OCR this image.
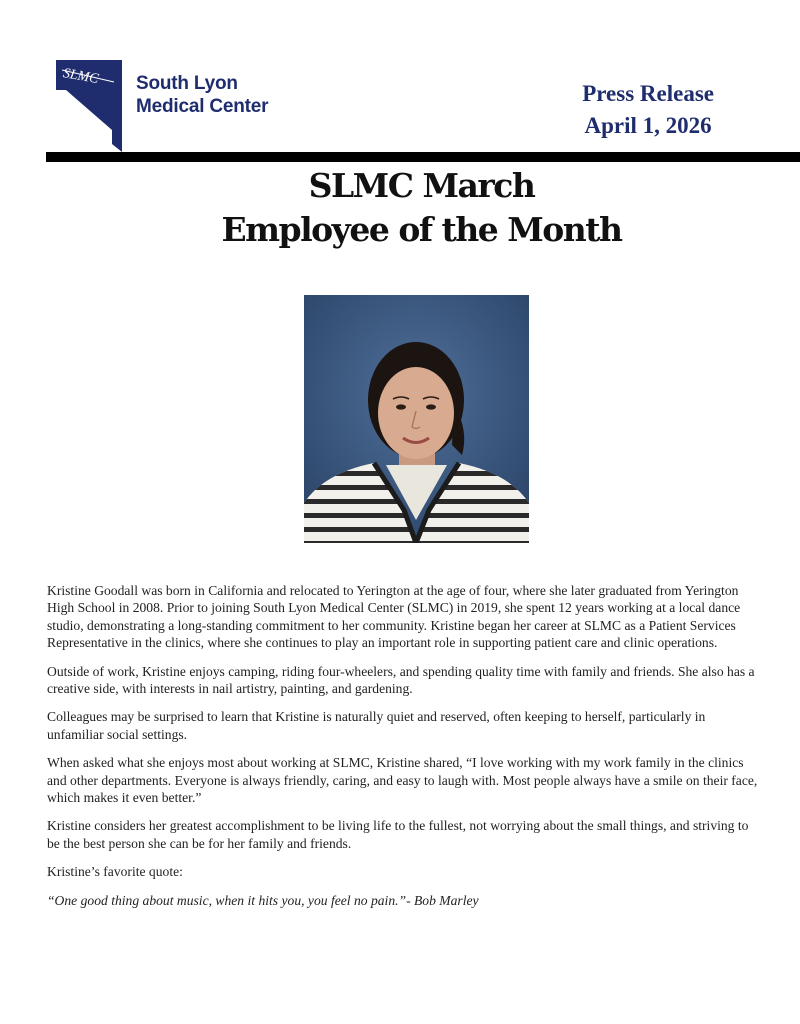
SLMC South Lyon
Medical Center
Press Release
April 1, 2026
SLMC March
Employee of the Month

Kristine Goodall was born in California and relocated to Yerington at the age of four, where she later graduated from Yerington High School in 2008. Prior to joining South Lyon Medical Center (SLMC) in 2019, she spent 12 years working at a local dance studio, demonstrating a long-standing commitment to her community. Kristine began her career at SLMC as a Patient Services Representative in the clinics, where she continues to play an important role in supporting patient care and clinic operations.

Outside of work, Kristine enjoys camping, riding four-wheelers, and spending quality time with family and friends. She also has a creative side, with interests in nail artistry, painting, and gardening.

Colleagues may be surprised to learn that Kristine is naturally quiet and reserved, often keeping to herself, particularly in unfamiliar social settings.

When asked what she enjoys most about working at SLMC, Kristine shared, “I love working with my work family in the clinics and other departments. Everyone is always friendly, caring, and easy to laugh with. Most people always have a smile on their face, which makes it even better.”

Kristine considers her greatest accomplishment to be living life to the fullest, not worrying about the small things, and striving to be the best person she can be for her family and friends.

Kristine’s favorite quote:

“One good thing about music, when it hits you, you feel no pain.”- Bob Marley
